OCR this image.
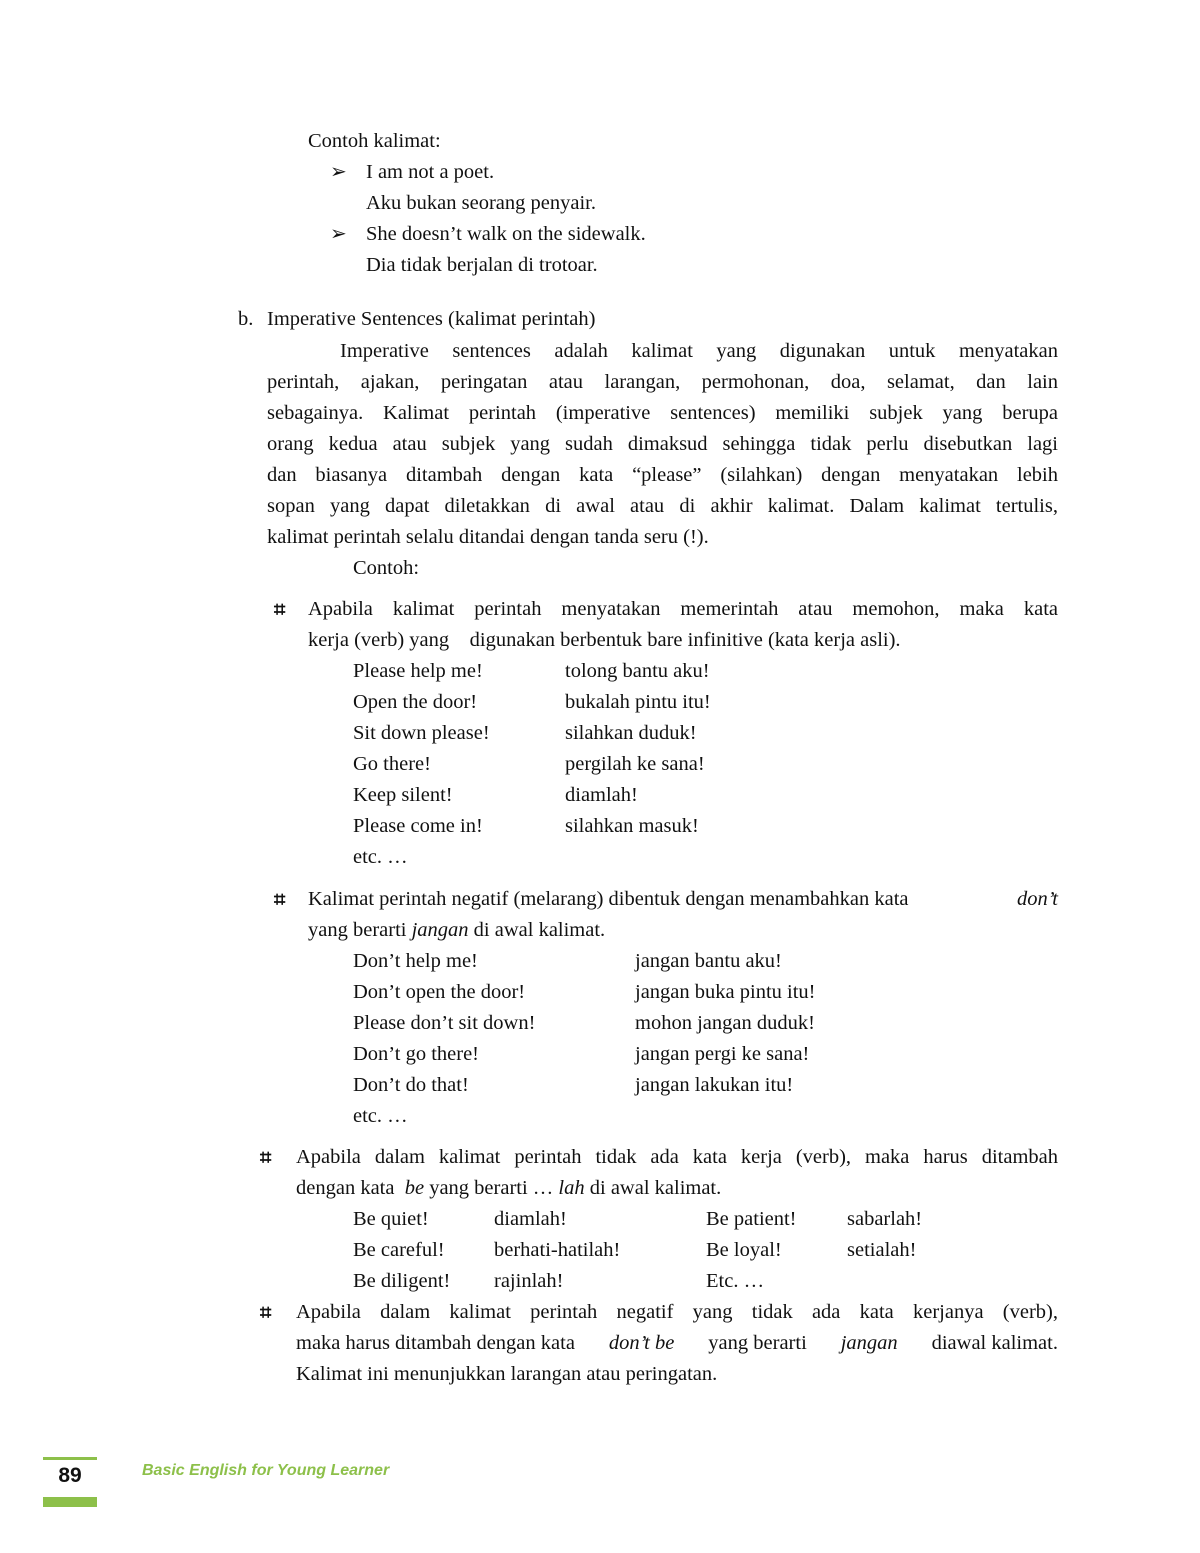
Contoh kalimat:
➢ I am not a poet.
Aku bukan seorang penyair.
➢ She doesn’t walk on the sidewalk.
Dia tidak berjalan di trotoar.
b. Imperative Sentences (kalimat perintah)
Imperative sentences adalah kalimat yang digunakan untuk menyatakan
perintah, ajakan, peringatan atau larangan, permohonan, doa, selamat, dan lain
sebagainya. Kalimat perintah (imperative sentences) memiliki subjek yang berupa
orang kedua atau subjek yang sudah dimaksud sehingga tidak perlu disebutkan lagi
dan biasanya ditambah dengan kata “please” (silahkan) dengan menyatakan lebih
sopan yang dapat diletakkan di awal atau di akhir kalimat. Dalam kalimat tertulis,
kalimat perintah selalu ditandai dengan tanda seru (!).
Contoh:
⌗ Apabila kalimat perintah menyatakan memerintah atau memohon, maka kata
kerja (verb) yang    digunakan berbentuk bare infinitive (kata kerja asli).
Please help me!	tolong bantu aku!
Open the door!	bukalah pintu itu!
Sit down please!	silahkan duduk!
Go there!	pergilah ke sana!
Keep silent!	diamlah!
Please come in!	silahkan masuk!
etc. …
⌗ Kalimat perintah negatif (melarang) dibentuk dengan menambahkan kata	don’t
yang berarti jangan di awal kalimat.
Don’t help me!	jangan bantu aku!
Don’t open the door!	jangan buka pintu itu!
Please don’t sit down!	mohon jangan duduk!
Don’t go there!	jangan pergi ke sana!
Don’t do that!	jangan lakukan itu!
etc. …
⌗ Apabila dalam kalimat perintah tidak ada kata kerja (verb), maka harus ditambah
dengan kata be yang berarti … lah di awal kalimat.
Be quiet!	diamlah!	Be patient! sabarlah!
Be careful! berhati-hatilah!	Be loyal!	setialah!
Be diligent! rajinlah!	Etc. …
⌗ Apabila dalam kalimat perintah negatif yang tidak ada kata kerjanya (verb),
maka harus ditambah dengan kata don’t be yang berarti jangan diawal kalimat.
Kalimat ini menunjukkan larangan atau peringatan.
89	Basic English for Young Learner
